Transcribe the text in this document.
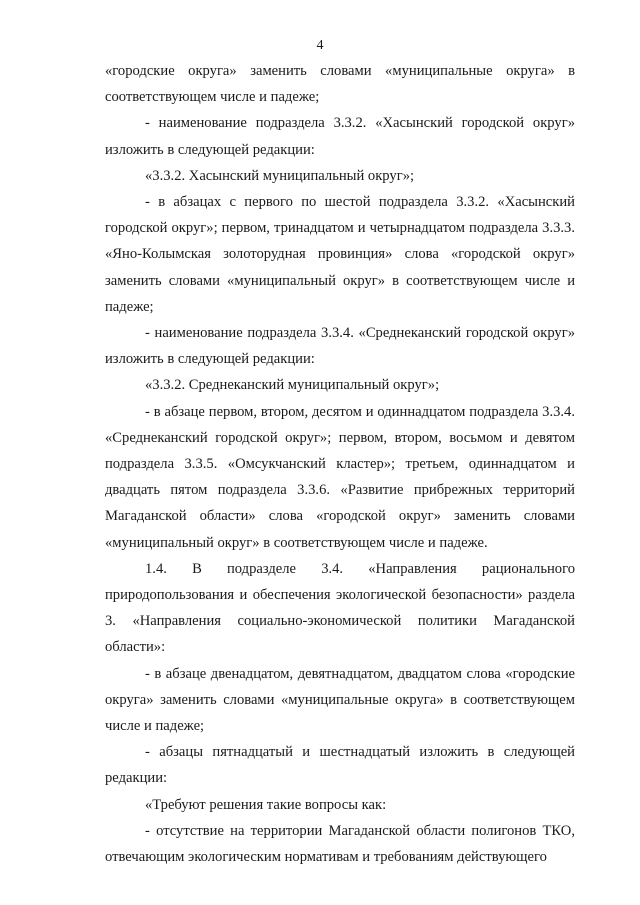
4

«городские округа» заменить словами «муниципальные округа» в соответствующем числе и падеже;

- наименование подраздела 3.3.2. «Хасынский городской округ» изложить в следующей редакции:

«3.3.2. Хасынский муниципальный округ»;

- в абзацах с первого по шестой подраздела 3.3.2. «Хасынский городской округ»; первом, тринадцатом и четырнадцатом подраздела 3.3.3. «Яно-Колымская золоторудная провинция» слова «городской округ» заменить словами «муниципальный округ» в соответствующем числе и падеже;

- наименование подраздела 3.3.4. «Среднеканский городской округ» изложить в следующей редакции:

«3.3.2. Среднеканский муниципальный округ»;

- в абзаце первом, втором, десятом и одиннадцатом подраздела 3.3.4. «Среднеканский городской округ»; первом, втором, восьмом и девятом подраздела 3.3.5. «Омсукчанский кластер»; третьем, одиннадцатом и двадцать пятом подраздела 3.3.6. «Развитие прибрежных территорий Магаданской области» слова «городской округ» заменить словами «муниципальный округ» в соответствующем числе и падеже.

1.4. В подразделе 3.4. «Направления рационального природопользования и обеспечения экологической безопасности» раздела 3. «Направления социально-экономической политики Магаданской области»:

- в абзаце двенадцатом, девятнадцатом, двадцатом слова «городские округа» заменить словами «муниципальные округа» в соответствующем числе и падеже;

- абзацы пятнадцатый и шестнадцатый изложить в следующей редакции:

«Требуют решения такие вопросы как:

- отсутствие на территории Магаданской области полигонов ТКО, отвечающим экологическим нормативам и требованиям действующего
